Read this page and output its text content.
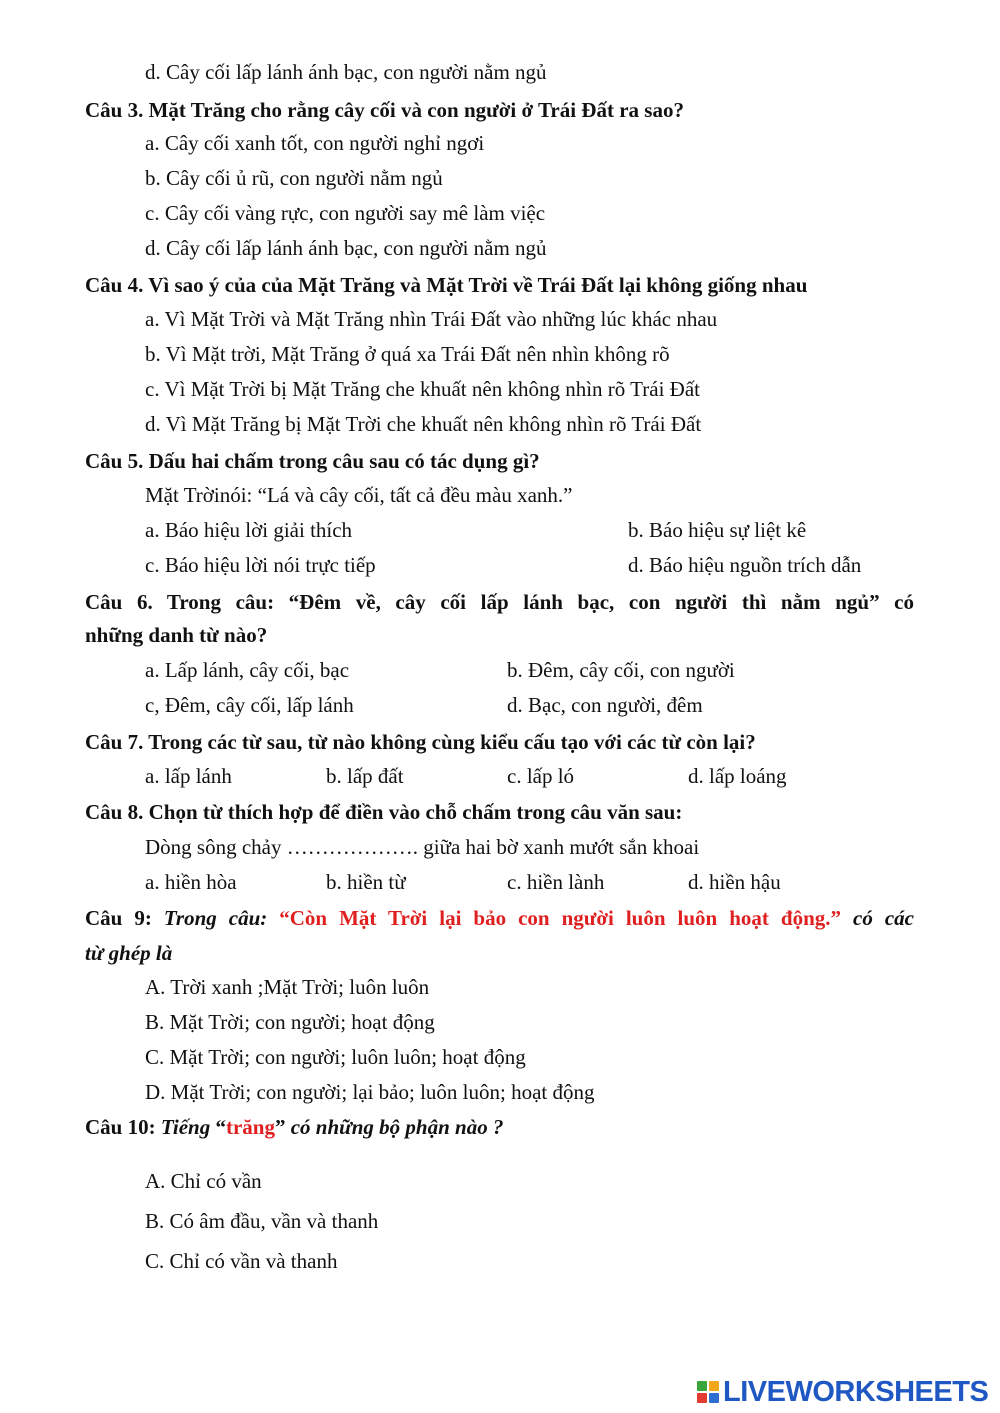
d. Cây cối lấp lánh ánh bạc, con người nằm ngủ
Câu 3. Mặt Trăng cho rằng cây cối và con người ở Trái Đất ra sao?
a. Cây cối xanh tốt, con người nghỉ ngơi
b. Cây cối ủ rũ, con người nằm ngủ
c. Cây cối vàng rực, con người say mê làm việc
d. Cây cối lấp lánh ánh bạc, con người nằm ngủ
Câu 4. Vì sao ý của của Mặt Trăng và Mặt Trời về Trái Đất lại không giống nhau
a. Vì Mặt Trời và Mặt Trăng nhìn Trái Đất vào những lúc khác nhau
b. Vì Mặt trời, Mặt Trăng ở quá xa Trái Đất nên nhìn không rõ
c. Vì Mặt Trời bị Mặt Trăng che khuất nên không nhìn rõ Trái Đất
d. Vì Mặt Trăng bị Mặt Trời che khuất nên không nhìn rõ Trái Đất
Câu 5. Dấu hai chấm trong câu sau có tác dụng gì?
Mặt Trờinói: “Lá và cây cối, tất cả đều màu xanh.”
a. Báo hiệu lời giải thích	b. Báo hiệu sự liệt kê
c. Báo hiệu lời nói trực tiếp	d. Báo hiệu nguồn trích dẫn
Câu 6. Trong câu: “Đêm về, cây cối lấp lánh bạc, con người thì nằm ngủ” có
những danh từ nào?
a. Lấp lánh, cây cối, bạc	b. Đêm, cây cối, con người
c, Đêm, cây cối, lấp lánh	d. Bạc, con người, đêm
Câu 7. Trong các từ sau, từ nào không cùng kiểu cấu tạo với các từ còn lại?
a. lấp lánh	b. lấp đất	c. lấp ló	d. lấp loáng
Câu 8. Chọn từ thích hợp để điền vào chỗ chấm trong câu văn sau:
Dòng sông chảy ………………. giữa hai bờ xanh mướt sắn khoai
a. hiền hòa	b. hiền từ	c. hiền lành	d. hiền hậu
Câu 9: Trong câu: “Còn Mặt Trời lại bảo con người luôn luôn hoạt động.” có các
từ ghép là
A. Trời xanh ;Mặt Trời; luôn luôn
B. Mặt Trời; con người; hoạt động
C. Mặt Trời; con người; luôn luôn; hoạt động
D. Mặt Trời; con người; lại bảo; luôn luôn; hoạt động
Câu 10: Tiếng “trăng” có những bộ phận nào ?
A. Chỉ có vần
B. Có âm đầu, vần và thanh
C. Chỉ có vần và thanh
LIVEWORKSHEETS
